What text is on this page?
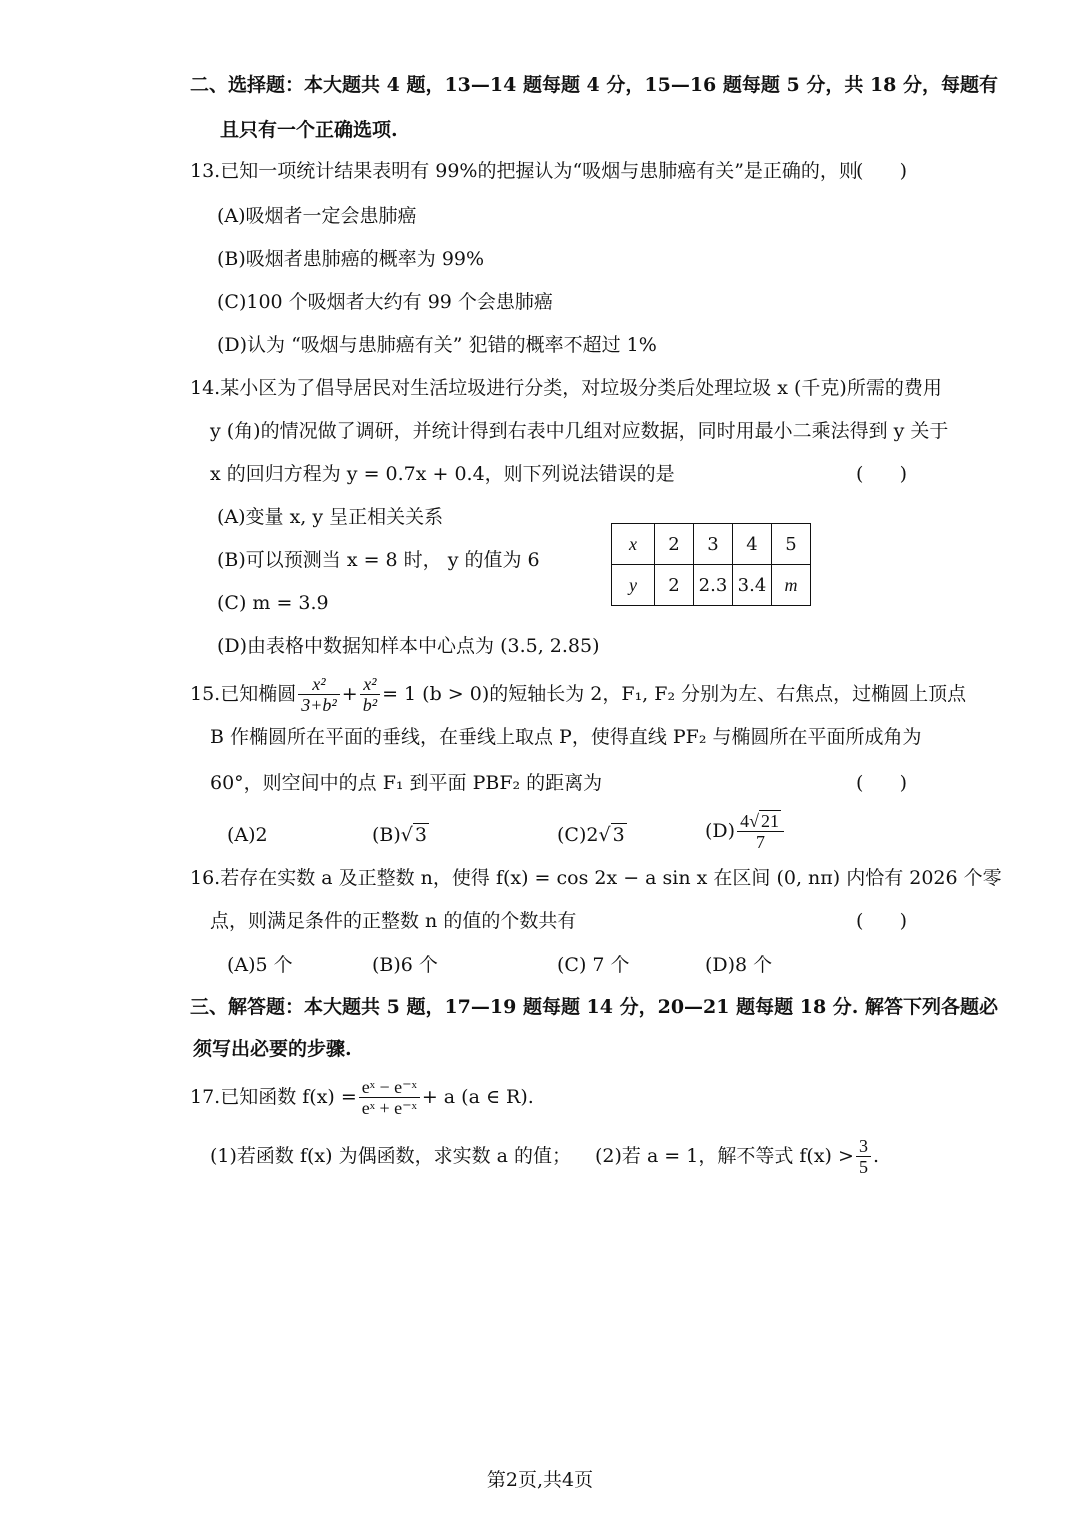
二、选择题：本大题共 4 题，13—14 题每题 4 分，15—16 题每题 5 分，共 18 分，每题有
且只有一个正确选项.
13.已知一项统计结果表明有 99%的把握认为“吸烟与患肺癌有关”是正确的，则
(      )
(A)吸烟者一定会患肺癌
(B)吸烟者患肺癌的概率为 99%
(C)100 个吸烟者大约有 99 个会患肺癌
(D)认为 “吸烟与患肺癌有关” 犯错的概率不超过 1%
14.某小区为了倡导居民对生活垃圾进行分类，对垃圾分类后处理垃圾 x (千克)所需的费用
y (角)的情况做了调研，并统计得到右表中几组对应数据，同时用最小二乘法得到 y 关于
x 的回归方程为 y = 0.7x + 0.4，则下列说法错误的是	(      )
(A)变量 x, y 呈正相关关系
(B)可以预测当 x = 8 时， y 的值为 6
(C) m = 3.9
(D)由表格中数据知样本中心点为 (3.5, 2.85)
x	2	3	4	5
y	2	2.3	3.4	m
15.已知椭圆 $\frac{\text{x²}}{\text{3+b²}} + \frac{\text{x²}}{\text{b²}} = 1$ (b > 0)的短轴长为 2，F₁, F₂ 分别为左、右焦点，过椭圆上顶点
B 作椭圆所在平面的垂线，在垂线上取点 P，使得直线 PF₂ 与椭圆所在平面所成角为
60°，则空间中的点 F₁ 到平面 PBF₂ 的距离为	(      )
(A)2	(B)√ 3	(C)2√ 3	$(D) \frac{4√ 21}{7}$
16.若存在实数 a 及正整数 n，使得 f(x) = cos 2x − a sin x 在区间 (0, nπ) 内恰有 2026 个零
点，则满足条件的正整数 n 的值的个数共有	(      )
(A)5 个	(B)6 个	(C) 7 个	(D)8 个
三、解答题：本大题共 5 题，17—19 题每题 14 分，20—21 题每题 18 分. 解答下列各题必
须写出必要的步骤.
17.已知函数 $f(x) = \frac{\text{eˣ − e⁻ˣ}}{\text{eˣ + e⁻ˣ}} + a$ (a ∈ R).
(1)若函数 f(x) 为偶函数，求实数 a 的值； (2)若 a = 1，解不等式 $f(x) > \frac{3}{5}$ .
第2页,共4页
